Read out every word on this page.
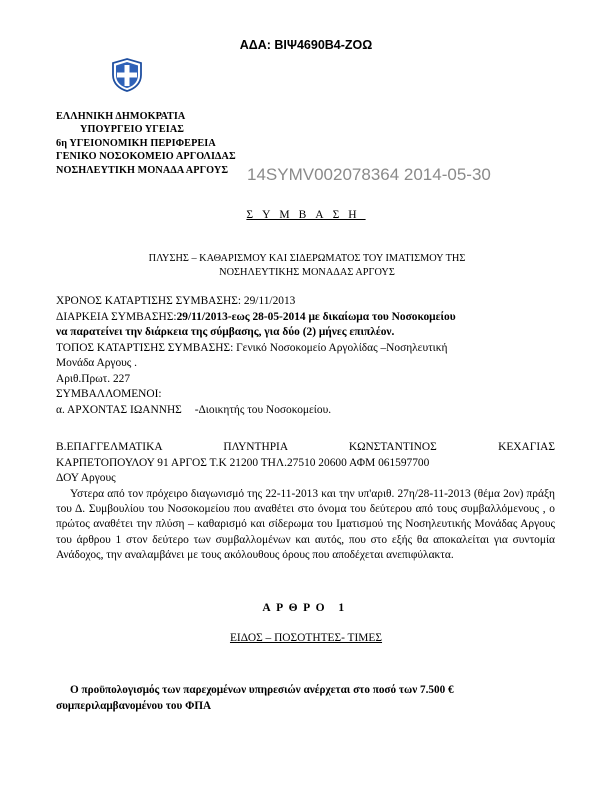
ΑΔΑ: ΒΙΨ4690Β4-ΖΟΩ
ΕΛΛΗΝΙΚΗ ΔΗΜΟΚΡΑΤΙΑ
ΥΠΟΥΡΓΕΙΟ ΥΓΕΙΑΣ
6η ΥΓΕΙΟΝΟΜΙΚΗ ΠΕΡΙΦΕΡΕΙΑ
ΓΕΝΙΚΟ ΝΟΣΟΚΟΜΕΙΟ ΑΡΓΟΛΙΔΑΣ
ΝΟΣΗΛΕΥΤΙΚΗ ΜΟΝΑΔΑ ΑΡΓΟΥΣ	14SYMV002078364 2014-05-30
ΣΥΜΒΑΣΗ
ΠΛΥΣΗΣ – ΚΑΘΑΡΙΣΜΟΥ ΚΑΙ ΣΙΔΕΡΩΜΑΤΟΣ ΤΟΥ ΙΜΑΤΙΣΜΟΥ ΤΗΣ
ΝΟΣΗΛΕΥΤΙΚΗΣ ΜΟΝΑΔΑΣ ΑΡΓΟΥΣ
ΧΡΟΝΟΣ ΚΑΤΑΡΤΙΣΗΣ ΣΥΜΒΑΣΗΣ: 29/11/2013
ΔΙΑΡΚΕΙΑ ΣΥΜΒΑΣΗΣ:29/11/2013-εως 28-05-2014 με δικαίωμα του Νοσοκομείου
να παρατείνει την διάρκεια της σύμβασης, για δύο (2) μήνες επιπλέον.
ΤΟΠΟΣ ΚΑΤΑΡΤΙΣΗΣ ΣΥΜΒΑΣΗΣ: Γενικό Νοσοκομείο Αργολίδας –Νοσηλευτική
Μονάδα Αργους .
Αριθ.Πρωτ. 227
ΣΥΜΒΑΛΛΟΜΕΝΟΙ:
α. ΑΡΧΟΝΤΑΣ ΙΩΑΝΝΗΣ -Διοικητής του Νοσοκομείου.
Β.ΕΠΑΓΓΕΛΜΑΤΙΚΑ ΠΛΥΝΤΗΡΙΑ ΚΩΝΣΤΑΝΤΙΝΟΣ ΚΕΧΑΓΙΑΣ
ΚΑΡΠΕΤΟΠΟΥΛΟΥ 91 ΑΡΓΟΣ Τ.Κ 21200 ΤΗΛ.27510 20600 ΑΦΜ 061597700
ΔΟΥ Αργους
Υστερα από τον πρόχειρο διαγωνισμό της 22-11-2013 και την υπ'αριθ. 27η/28-11-2013 (θέμα 2ον) πράξη του Δ. Συμβουλίου του Νοσοκομείου που αναθέτει στο όνομα του δεύτερου από τους συμβαλλόμενους , ο πρώτος αναθέτει την πλύση – καθαρισμό και σίδερωμα του Ιματισμού της Νοσηλευτικής Μονάδας Αργους του άρθρου 1 στον δεύτερο των συμβαλλομένων και αυτός, που στο εξής θα αποκαλείται για συντομία Ανάδοχος, την αναλαμβάνει με τους ακόλουθους όρους που αποδέχεται ανεπιφύλακτα.
ΑΡΘΡΟ 1
ΕΙΔΟΣ – ΠΟΣΟΤΗΤΕΣ- ΤΙΜΕΣ
Ο προϋπολογισμός των παρεχομένων υπηρεσιών ανέρχεται στο ποσό των 7.500 € συμπεριλαμβανομένου του ΦΠΑ
